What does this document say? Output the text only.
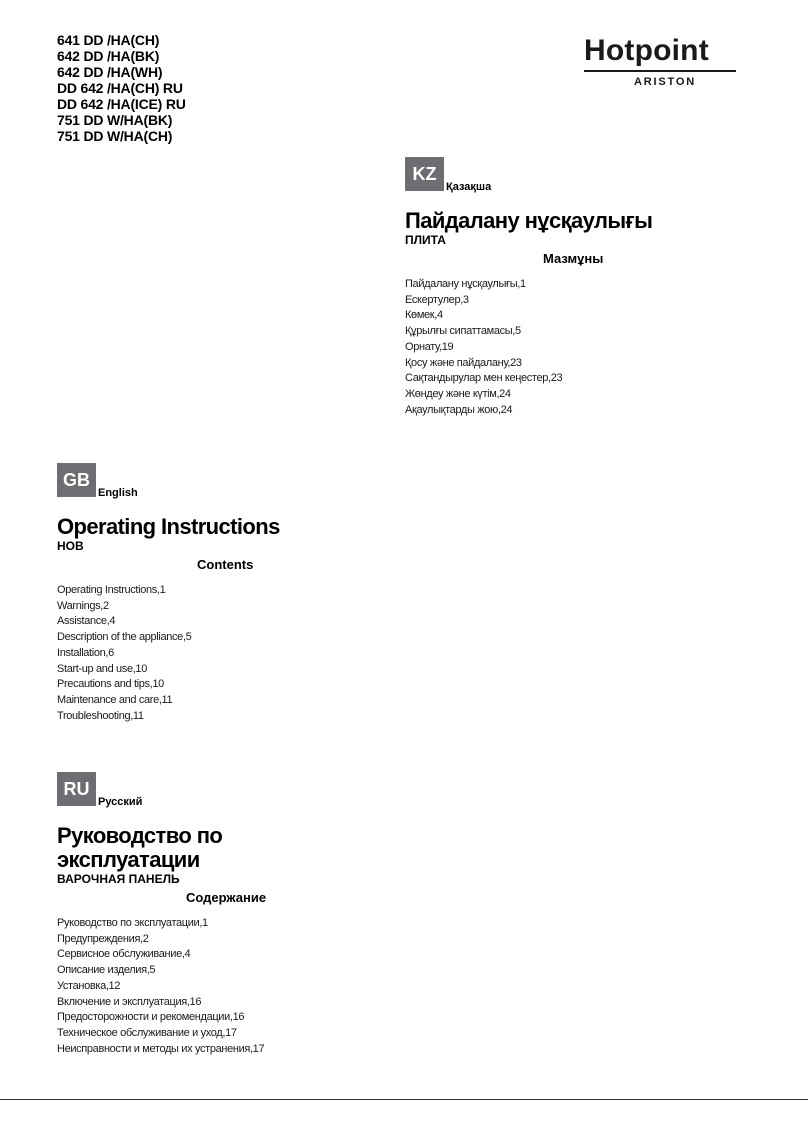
641 DD /HA(CH)
642 DD /HA(BK)
642 DD /HA(WH)
DD 642 /HA(CH) RU
DD 642 /HA(ICE) RU
751 DD W/HA(BK)
751 DD W/HA(CH)
Hotpoint
ARISTON
KZ
Қазақша
Пайдалану нұсқаулығы
ПЛИТА
Мазмұны
Пайдалану нұсқаулығы,1
Ескертулер,3
Көмек,4
Құрылғы сипаттамасы,5
Орнату,19
Қосу және пайдалану,23
Сақтандырулар мен кеңестер,23
Жөндеу және күтім,24
Ақаулықтарды жою,24
GB
English
Operating Instructions
HOB
Contents
Operating Instructions,1
Warnings,2
Assistance,4
Description of the appliance,5
Installation,6
Start-up and use,10
Precautions and tips,10
Maintenance and care,11
Troubleshooting,11
RU
Русский
Руководство по эксплуатации
ВАРОЧНАЯ ПАНЕЛЬ
Содержание
Руководство по эксплуатации,1
Предупреждения,2
Сервисное обслуживание,4
Описание изделия,5
Установка,12
Включение и эксплуатация,16
Предосторожности и рекомендации,16
Техническое обслуживание и уход,17
Неисправности и методы их устранения,17
